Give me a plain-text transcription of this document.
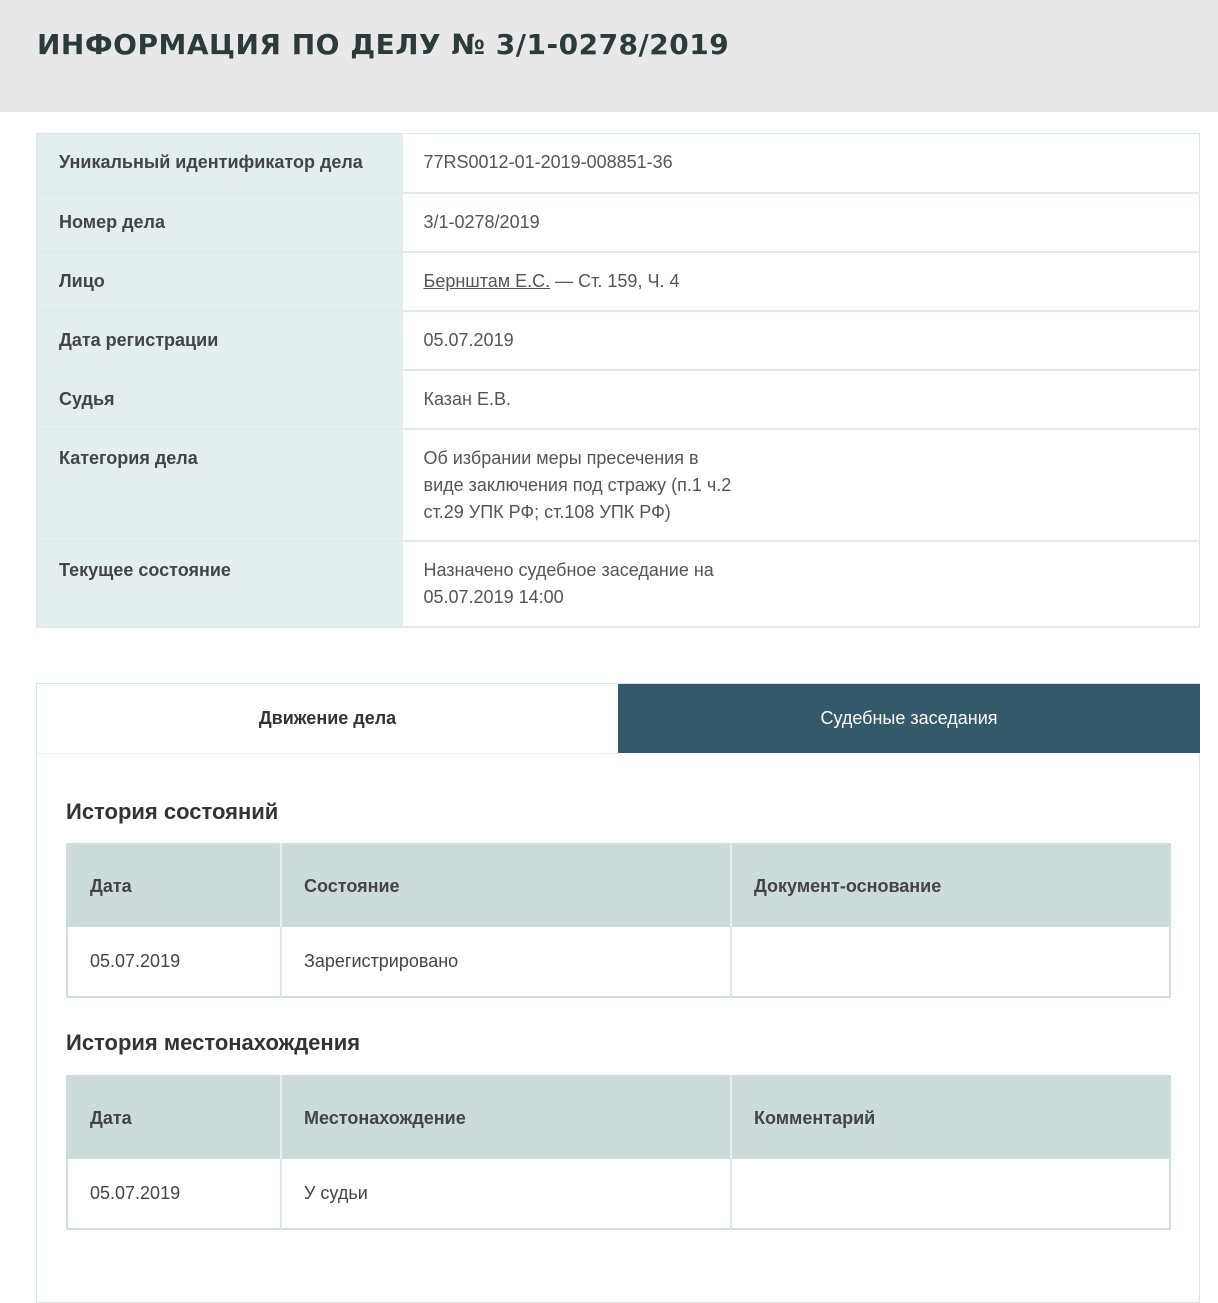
ИНФОРМАЦИЯ ПО ДЕЛУ № 3/1-0278/2019
Уникальный идентификатор дела	77RS0012-01-2019-008851-36
Номер дела	3/1-0278/2019
Лицо	Бернштам Е.С. — Ст. 159, Ч. 4
Дата регистрации	05.07.2019
Судья	Казан Е.В.
Категория дела	Об избрании меры пресечения в виде заключения под стражу (п.1 ч.2 ст.29 УПК РФ; ст.108 УПК РФ)

Текущее состояние	Назначено судебное заседание на 05.07.2019 14:00
Движение дела	Судебные заседания
История состояний
Дата	Состояние	Документ-основание
05.07.2019	Зарегистрировано	
История местонахождения
Дата	Местонахождение	Комментарий
05.07.2019	У судьи	
